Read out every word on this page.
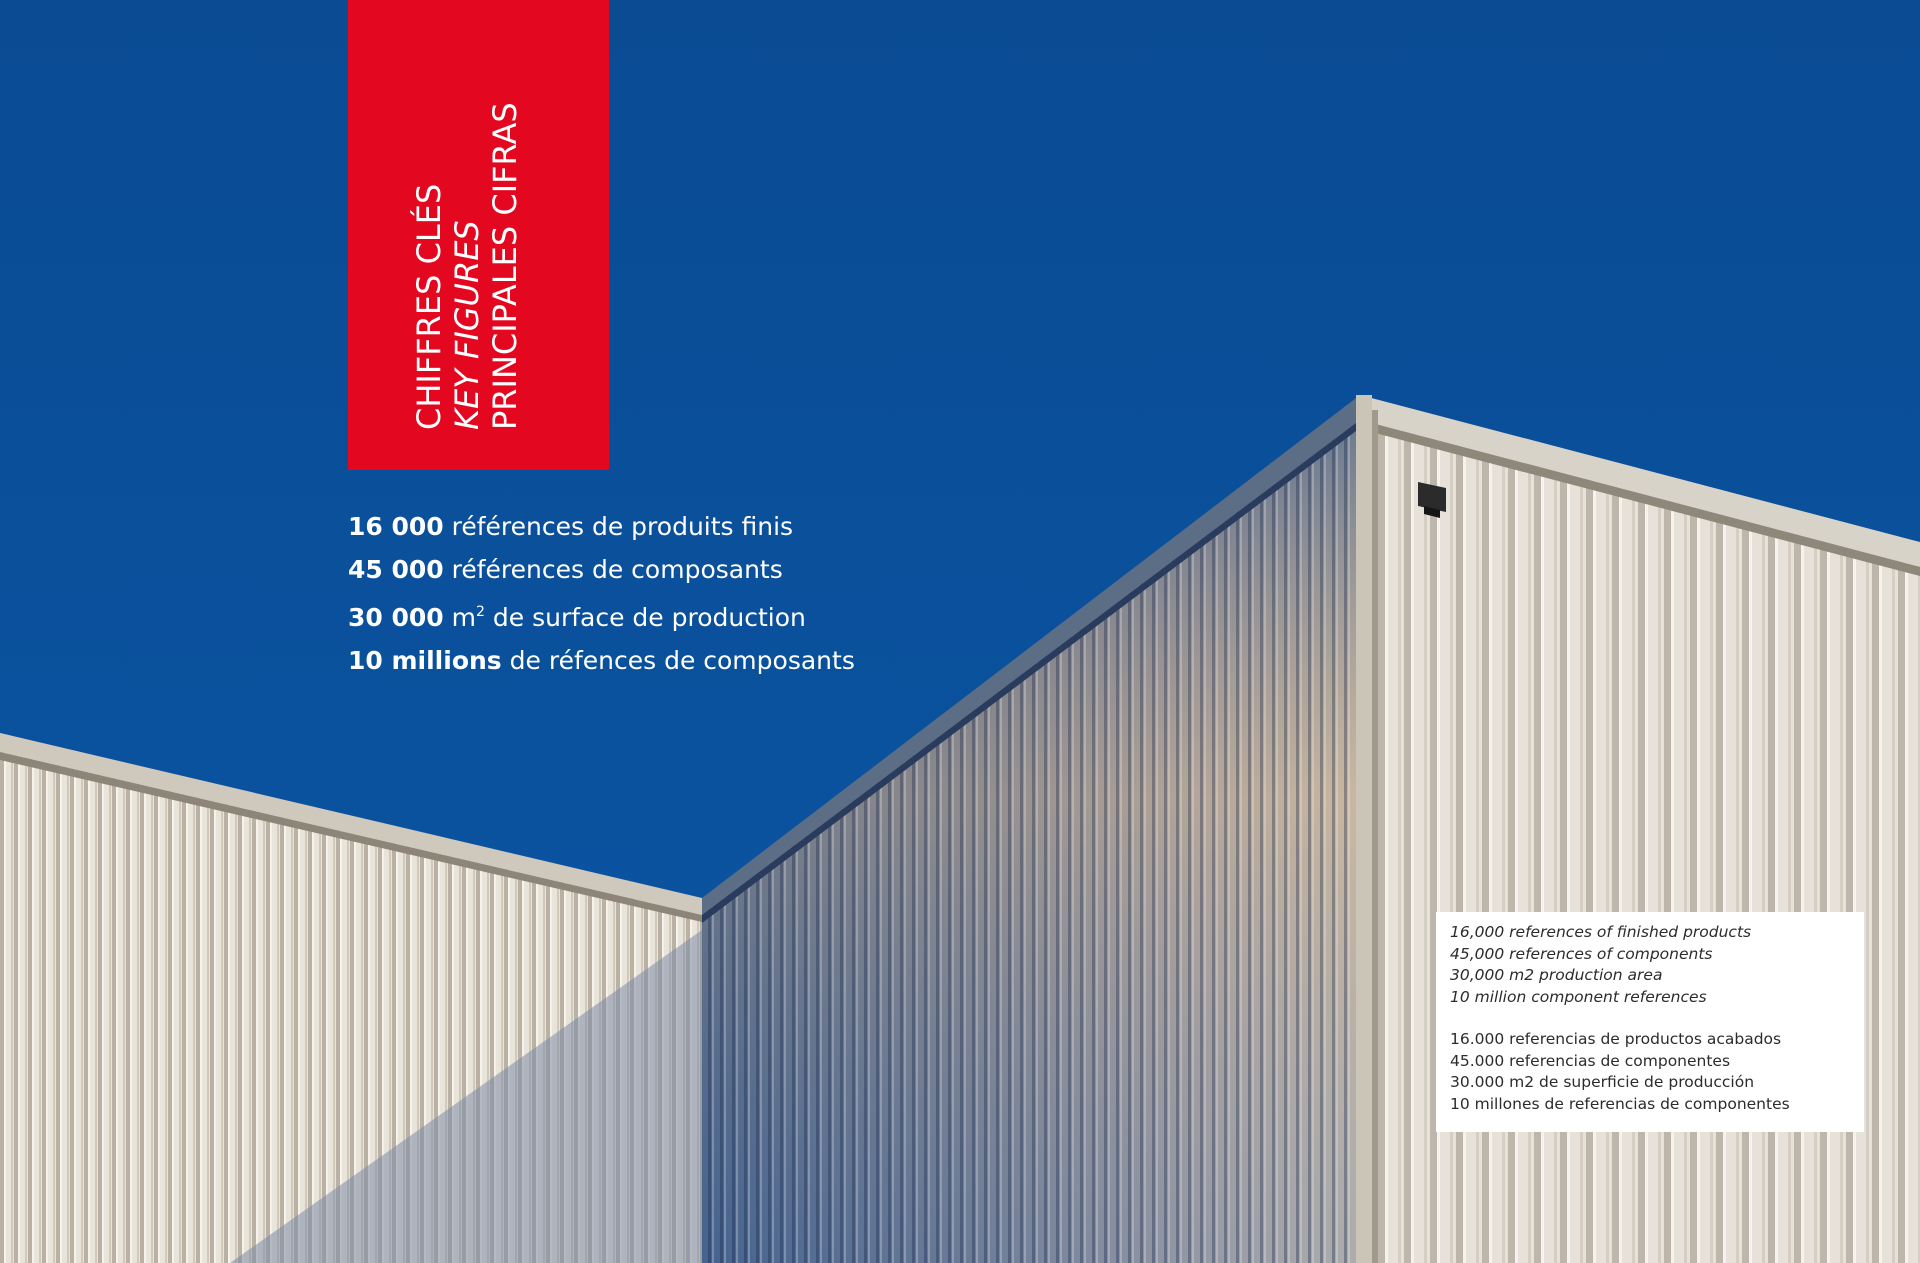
CHIFFRES CLÉS KEY FIGURES PRINCIPALES CIFRAS
16 000 références de produits finis
45 000 références de composants
30 000 $m^2$ de surface de production
10 millions de réfences de composants
16,000 references of finished products
45,000 references of components
30,000 m2 production area
10 million component references
16.000 referencias de productos acabados
45.000 referencias de componentes
30.000 m2 de superficie de producción
10 millones de referencias de componentes
